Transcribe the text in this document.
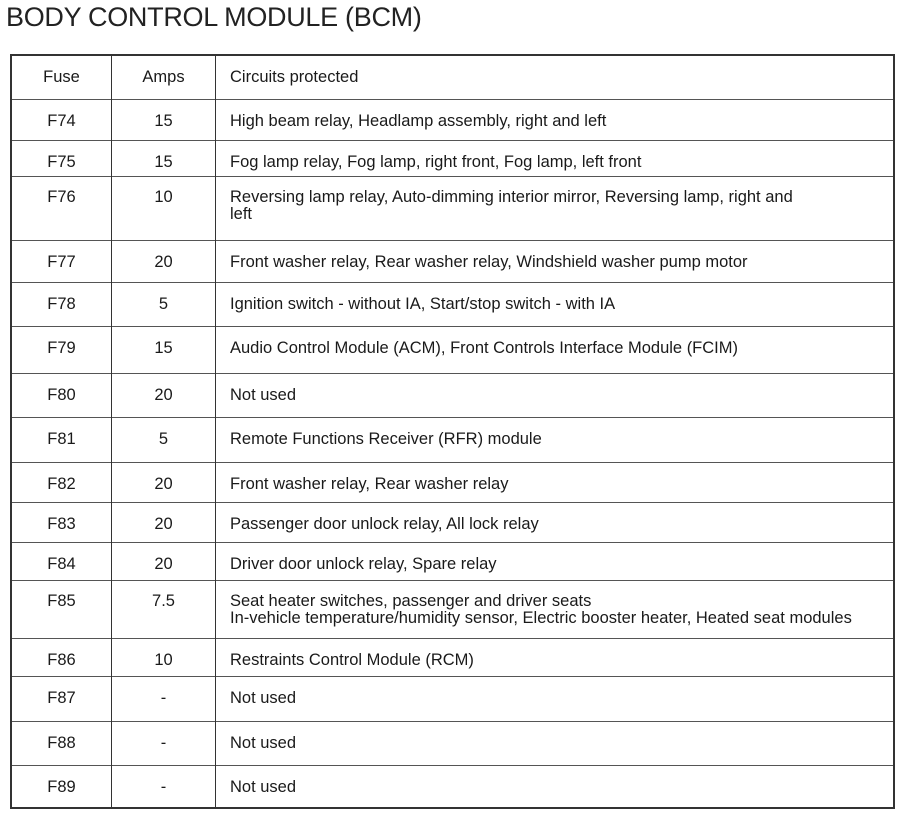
BODY CONTROL MODULE (BCM)
Fuse	Amps	Circuits protected

F74	15	High beam relay, Headlamp assembly, right and left

F75	15	Fog lamp relay, Fog lamp, right front, Fog lamp, left front

F76	10	Reversing lamp relay, Auto-dimming interior mirror, Reversing lamp, right and left

F77	20	Front washer relay, Rear washer relay, Windshield washer pump motor

F78	5	Ignition switch - without IA, Start/stop switch - with IA

F79	15	Audio Control Module (ACM), Front Controls Interface Module (FCIM)

F80	20	Not used

F81	5	Remote Functions Receiver (RFR) module

F82	20	Front washer relay, Rear washer relay

F83	20	Passenger door unlock relay, All lock relay

F84	20	Driver door unlock relay, Spare relay

F85	7.5	Seat heater switches, passenger and driver seats
In-vehicle temperature/humidity sensor, Electric booster heater, Heated seat modules

F86	10	Restraints Control Module (RCM)

F87	-	Not used

F88	-	Not used

F89	-	Not used
